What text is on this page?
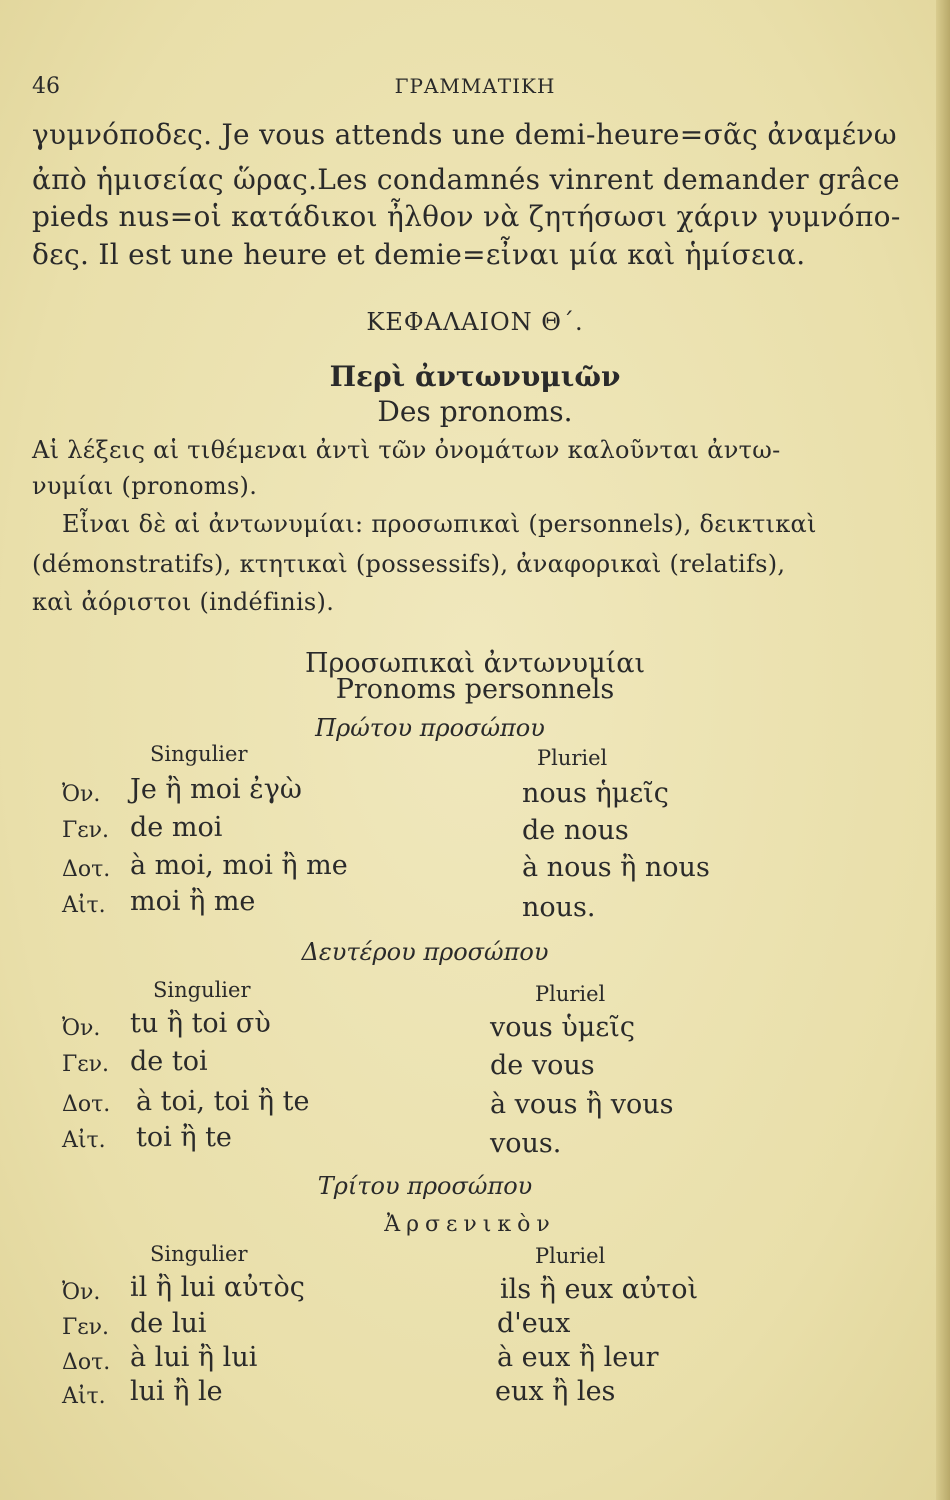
46	ΓΡΑΜΜΑΤΙΚΗ
γυμνόποδες. Je vous attends une demi-heure=σᾶς ἀναμένω
ἀπὸ ἡμισείας ὥρας.Les condamnés vinrent demander grâce
pieds nus=οἱ κατάδικοι ἦλθον νὰ ζητήσωσι χάριν γυμνόπο-
δες. Il est une heure et demie=εἶναι μία καὶ ἡμίσεια.
ΚΕΦΑΛΑΙΟΝ Θ΄.
Περὶ ἀντωνυμιῶν
Des pronoms.
Αἱ λέξεις αἱ τιθέμεναι ἀντὶ τῶν ὀνομάτων καλοῦνται ἀντω-
νυμίαι (pronoms).
Εἶναι δὲ αἱ ἀντωνυμίαι: προσωπικαὶ (personnels), δεικτικαὶ
(démonstratifs), κτητικαὶ (possessifs), ἀναφορικαὶ (relatifs),
καὶ ἀόριστοι (indéfinis).
Προσωπικαὶ ἀντωνυμίαι
Pronoms personnels
Πρώτου προσώπου
Singulier	Pluriel
Ὀν. Je ἢ moi ἐγὼ	nous ἡμεῖς
Γεν. de moi	de nous
Δοτ. à moi, moi ἢ me	à nous ἢ nous
Αἰτ. moi ἢ me	nous.
Δευτέρου προσώπου
Singulier	Pluriel
Ὀν. tu ἢ toi σὺ	vous ὑμεῖς
Γεν. de toi	de vous
Δοτ. à toi, toi ἢ te	à vous ἢ vous
Αἰτ. toi ἢ te	vous.
Τρίτου προσώπου
Ἀρσενικὸν
Singulier	Pluriel
Ὀν. il ἢ lui αὐτὸς	ils ἢ eux αὐτοὶ
Γεν. de lui	d'eux
Δοτ. à lui ἢ lui	à eux ἢ leur
Αἰτ. lui ἢ le	eux ἢ les
